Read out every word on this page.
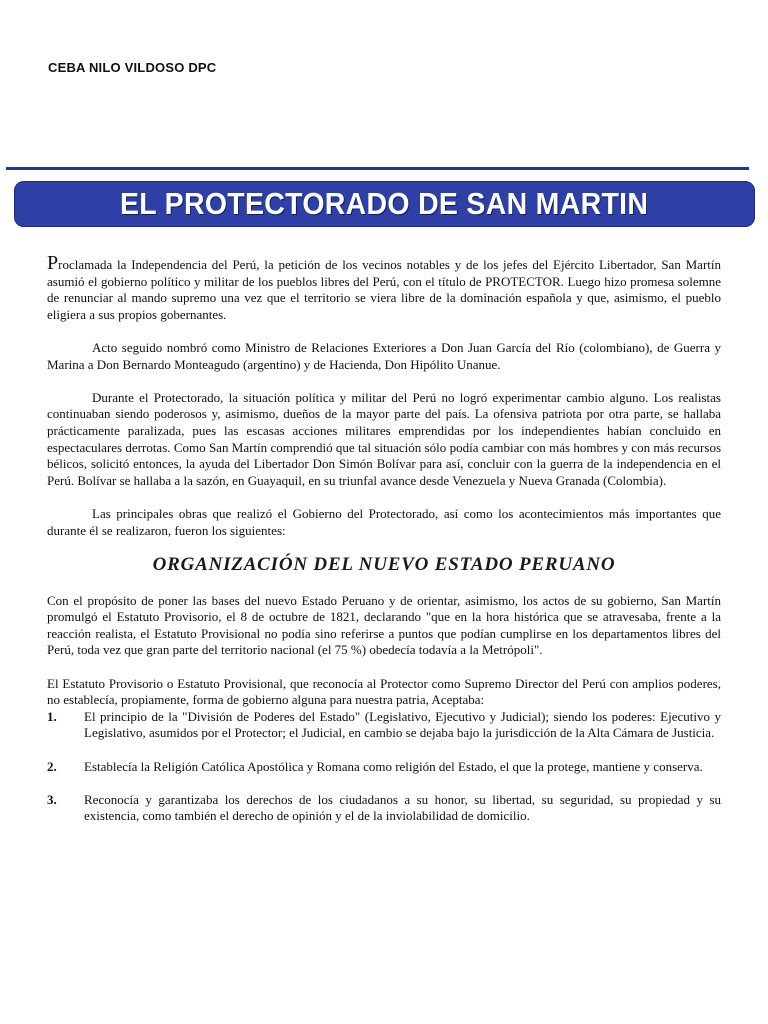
CEBA NILO VILDOSO DPC
EL PROTECTORADO DE SAN MARTIN

Proclamada la Independencia del Perú, la petición de los vecinos notables y de los jefes del Ejército Libertador, San Martín asumió el gobierno político y militar de los pueblos libres del Perú, con el título de PROTECTOR. Luego hizo promesa solemne de renunciar al mando supremo una vez que el territorio se viera libre de la dominación española y que, asimismo, el pueblo eligiera a sus propios gobernantes.

Acto seguido nombró como Ministro de Relaciones Exteriores a Don Juan García del Río (colombiano), de Guerra y Marina a Don Bernardo Monteagudo (argentino) y de Hacienda, Don Hipólito Unanue.

Durante el Protectorado, la situación política y militar del Perú no logró experimentar cambio alguno. Los realistas continuaban siendo poderosos y, asimismo, dueños de la mayor parte del país. La ofensiva patriota por otra parte, se hallaba prácticamente paralizada, pues las escasas acciones militares emprendidas por los independientes habían concluido en espectaculares derrotas. Como San Martín comprendió que tal situación sólo podía cambiar con más hombres y con más recursos bélicos, solicitó entonces, la ayuda del Libertador Don Simón Bolívar para así, concluir con la guerra de la independencia en el Perú. Bolívar se hallaba a la sazón, en Guayaquil, en su triunfal avance desde Venezuela y Nueva Granada (Colombia).

Las principales obras que realizó el Gobierno del Protectorado, así como los acontecimientos más importantes que durante él se realizaron, fueron los siguientes:

ORGANIZACIÓN DEL NUEVO ESTADO PERUANO

Con el propósito de poner las bases del nuevo Estado Peruano y de orientar, asimismo, los actos de su gobierno, San Martín promulgó el Estatuto Provisorio, el 8 de octubre de 1821, declarando "que en la hora histórica que se atravesaba, frente a la reacción realista, el Estatuto Provisional no podía sino referirse a puntos que podían cumplirse en los departamentos libres del Perú, toda vez que gran parte del territorio nacional (el 75 %) obedecía todavía a la Metrópoli".

El Estatuto Provisorio o Estatuto Provisional, que reconocía al Protector como Supremo Director del Perú con amplios poderes, no establecía, propiamente, forma de gobierno alguna para nuestra patria, Aceptaba:

1.	El principio de la "División de Poderes del Estado" (Legislativo, Ejecutivo y Judicial); siendo los poderes: Ejecutivo y Legislativo, asumidos por el Protector; el Judicial, en cambio se dejaba bajo la jurisdicción de la Alta Cámara de Justicia.
2.	Establecía la Religión Católica Apostólica y Romana como religión del Estado, el que la protege, mantiene y conserva.
3.	Reconocía y garantizaba los derechos de los ciudadanos a su honor, su libertad, su seguridad, su propiedad y su existencia, como también el derecho de opinión y el de la inviolabilidad de domicilio.
